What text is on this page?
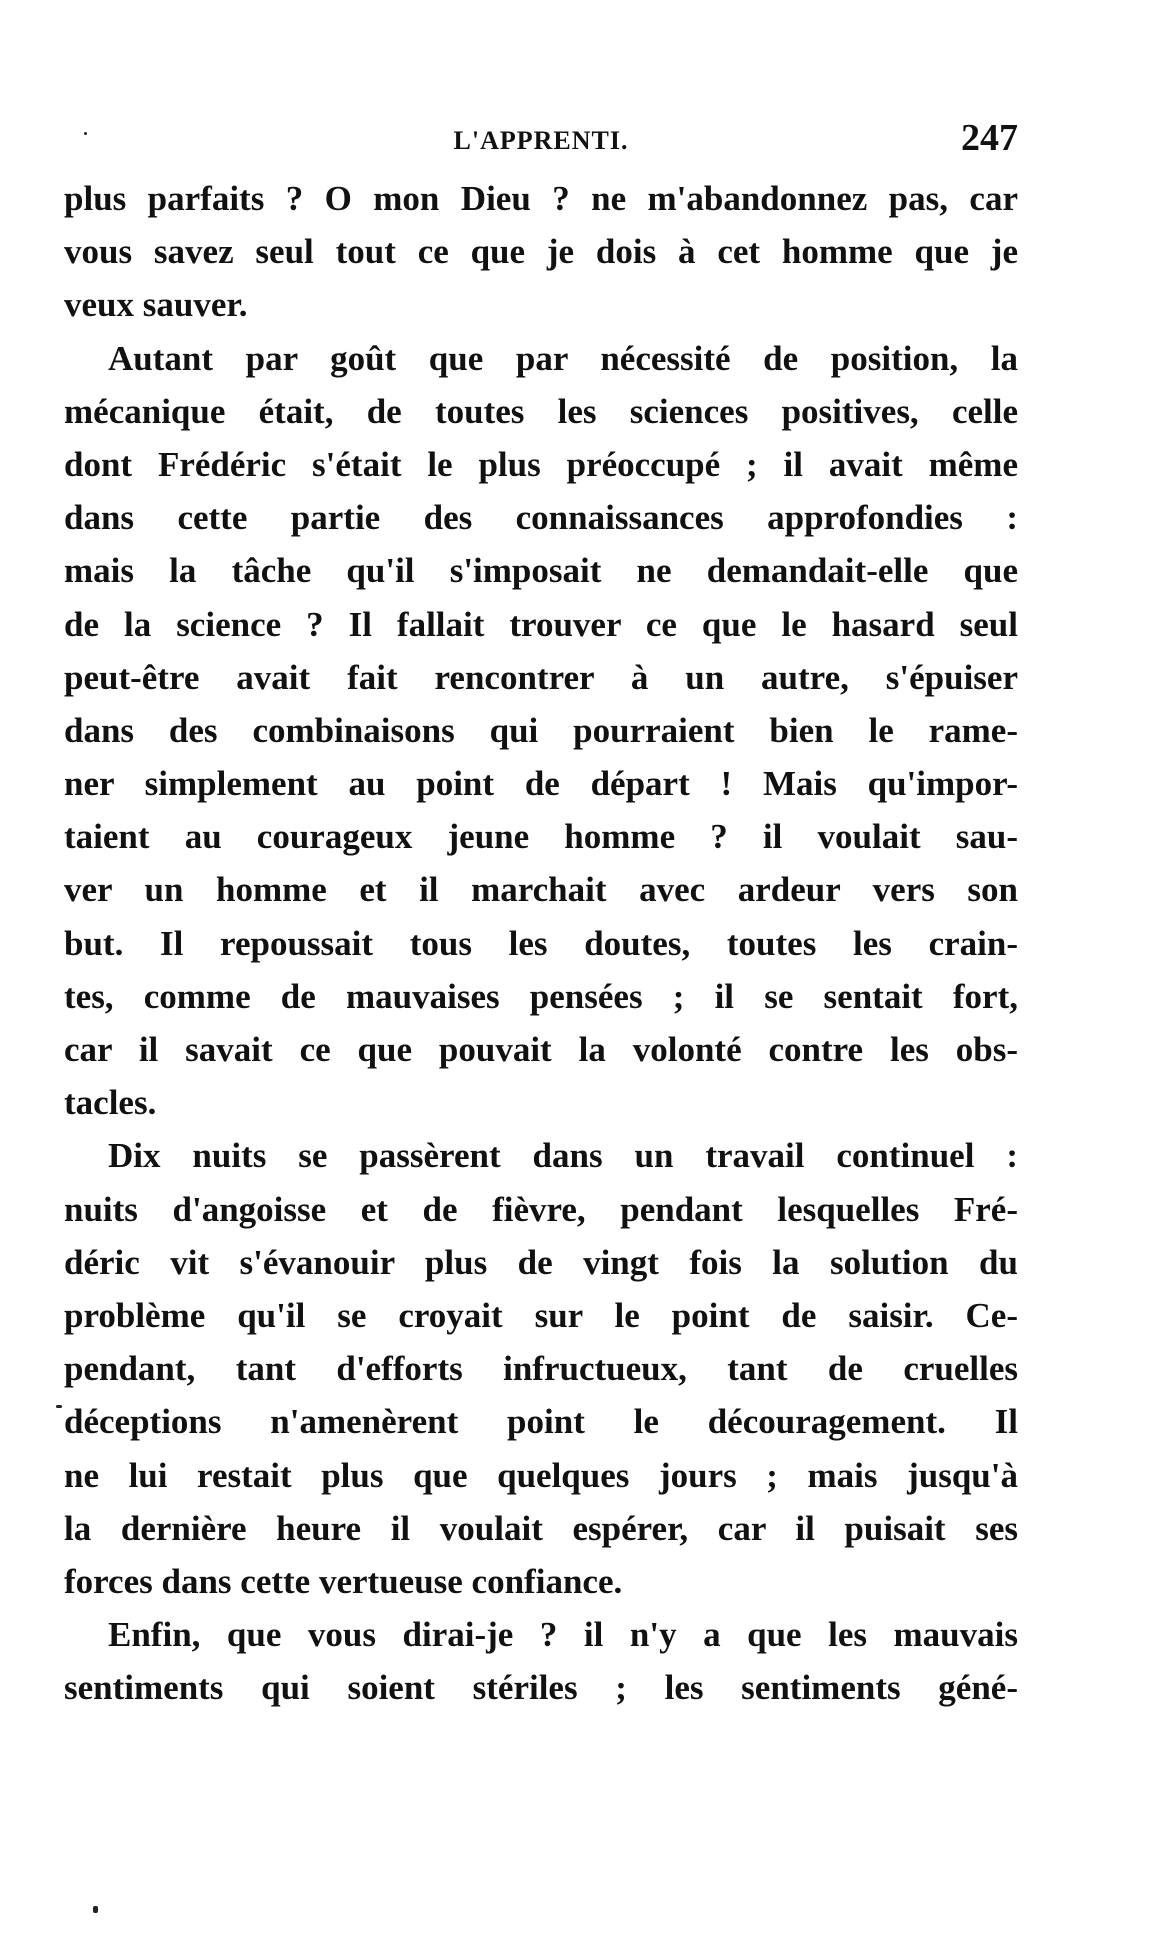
L'APPRENTI.	247

plus parfaits ? O mon Dieu ? ne m'abandonnez pas, car
vous savez seul tout ce que je dois à cet homme que je
veux sauver.

Autant par goût que par nécessité de position, la
mécanique était, de toutes les sciences positives, celle
dont Frédéric s'était le plus préoccupé ; il avait même
dans cette partie des connaissances approfondies :
mais la tâche qu'il s'imposait ne demandait-elle que
de la science ? Il fallait trouver ce que le hasard seul
peut-être avait fait rencontrer à un autre, s'épuiser
dans des combinaisons qui pourraient bien le rame-
ner simplement au point de départ ! Mais qu'impor-
taient au courageux jeune homme ? il voulait sau-
ver un homme et il marchait avec ardeur vers son
but. Il repoussait tous les doutes, toutes les crain-
tes, comme de mauvaises pensées ; il se sentait fort,
car il savait ce que pouvait la volonté contre les obs-
tacles.

Dix nuits se passèrent dans un travail continuel :
nuits d'angoisse et de fièvre, pendant lesquelles Fré-
déric vit s'évanouir plus de vingt fois la solution du
problème qu'il se croyait sur le point de saisir. Ce-
pendant, tant d'efforts infructueux, tant de cruelles
déceptions n'amenèrent point le découragement. Il
ne lui restait plus que quelques jours ; mais jusqu'à
la dernière heure il voulait espérer, car il puisait ses
forces dans cette vertueuse confiance.

Enfin, que vous dirai-je ? il n'y a que les mauvais
sentiments qui soient stériles ; les sentiments géné-
